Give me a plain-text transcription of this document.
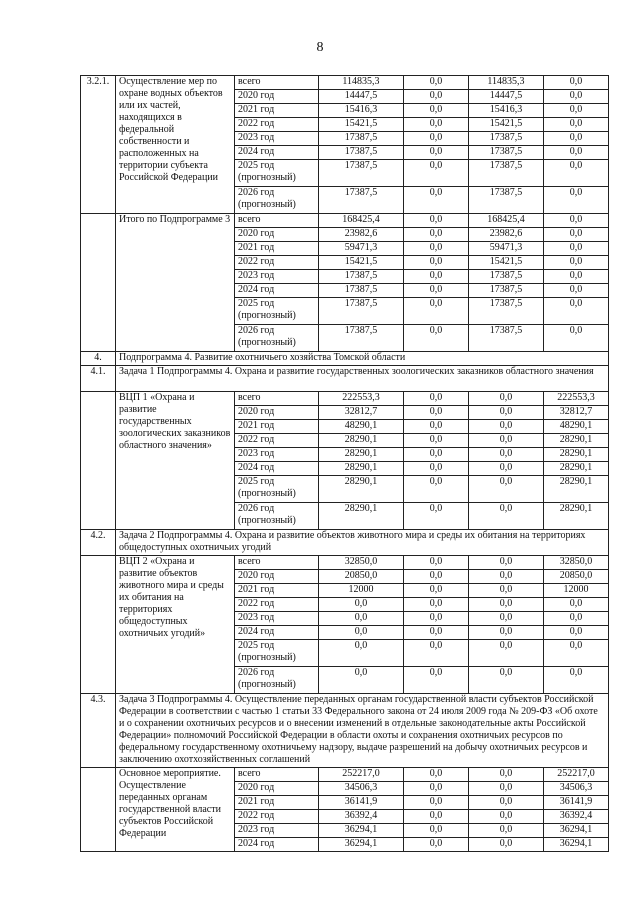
8
3.2.1.	Осуществление мер по охране водных объектов или их частей, находящихся в федеральной собственности и расположенных на территории субъекта Российской Федерации	всего	114835,3	0,0	114835,3	0,0
		2020 год	14447,5	0,0	14447,5	0,0
		2021 год	15416,3	0,0	15416,3	0,0
		2022 год	15421,5	0,0	15421,5	0,0
		2023 год	17387,5	0,0	17387,5	0,0
		2024 год	17387,5	0,0	17387,5	0,0
		2025 год (прогнозный)	17387,5	0,0	17387,5	0,0
		2026 год (прогнозный)	17387,5	0,0	17387,5	0,0
	Итого по Подпрограмме 3	всего	168425,4	0,0	168425,4	0,0
		2020 год	23982,6	0,0	23982,6	0,0
		2021 год	59471,3	0,0	59471,3	0,0
		2022 год	15421,5	0,0	15421,5	0,0
		2023 год	17387,5	0,0	17387,5	0,0
		2024 год	17387,5	0,0	17387,5	0,0
		2025 год (прогнозный)	17387,5	0,0	17387,5	0,0
		2026 год (прогнозный)	17387,5	0,0	17387,5	0,0
4.	Подпрограмма 4. Развитие охотничьего хозяйства Томской области					
4.1.	Задача 1 Подпрограммы 4. Охрана и развитие государственных зоологических заказников областного значения					
	ВЦП 1 «Охрана и развитие государственных зоологических заказников областного значения»	всего	222553,3	0,0	0,0	222553,3
		2020 год	32812,7	0,0	0,0	32812,7
		2021 год	48290,1	0,0	0,0	48290,1
		2022 год	28290,1	0,0	0,0	28290,1
		2023 год	28290,1	0,0	0,0	28290,1
		2024 год	28290,1	0,0	0,0	28290,1
		2025 год (прогнозный)	28290,1	0,0	0,0	28290,1
		2026 год (прогнозный)	28290,1	0,0	0,0	28290,1
4.2.	Задача 2 Подпрограммы 4. Охрана и развитие объектов животного мира и среды их обитания на территориях общедоступных охотничьих угодий					
	ВЦП 2 «Охрана и развитие объектов животного мира и среды их обитания на территориях общедоступных охотничьих угодий»	всего	32850,0	0,0	0,0	32850,0
		2020 год	20850,0	0,0	0,0	20850,0
		2021 год	12000	0,0	0,0	12000
		2022 год	0,0	0,0	0,0	0,0
		2023 год	0,0	0,0	0,0	0,0
		2024 год	0,0	0,0	0,0	0,0
		2025 год (прогнозный)	0,0	0,0	0,0	0,0
		2026 год (прогнозный)	0,0	0,0	0,0	0,0
4.3.	Задача 3 Подпрограммы 4. Осуществление переданных органам государственной власти субъектов Российской Федерации в соответствии с частью 1 статьи 33 Федерального закона от 24 июля 2009 года № 209-ФЗ «Об охоте и о сохранении охотничьих ресурсов и о внесении изменений в отдельные законодательные акты Российской Федерации» полномочий Российской Федерации в области охоты и сохранения охотничьих ресурсов по федеральному государственному охотничьему надзору, выдаче разрешений на добычу охотничьих ресурсов и заключению охотхозяйственных соглашений					
	Основное мероприятие. Осуществление переданных органам государственной власти субъектов Российской Федерации	всего	252217,0	0,0	0,0	252217,0
		2020 год	34506,3	0,0	0,0	34506,3
		2021 год	36141,9	0,0	0,0	36141,9
		2022 год	36392,4	0,0	0,0	36392,4
		2023 год	36294,1	0,0	0,0	36294,1
		2024 год	36294,1	0,0	0,0	36294,1
